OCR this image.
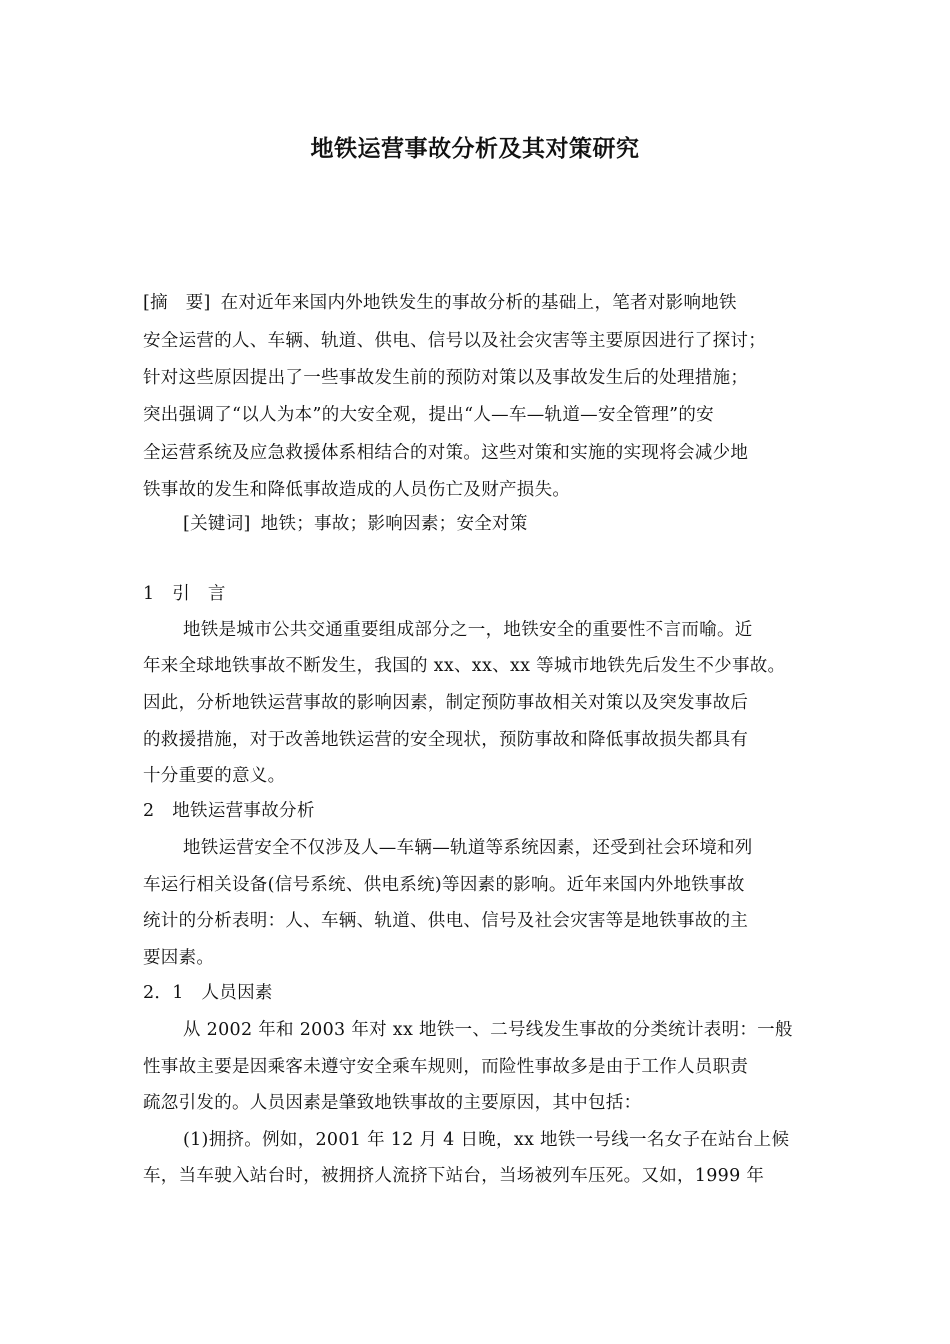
地铁运营事故分析及其对策研究
[摘　要] 在对近年来国内外地铁发生的事故分析的基础上，笔者对影响地铁
安全运营的人、车辆、轨道、供电、信号以及社会灾害等主要原因进行了探讨；
针对这些原因提出了一些事故发生前的预防对策以及事故发生后的处理措施；
突出强调了“以人为本”的大安全观，提出“人—车—轨道—安全管理”的安
全运营系统及应急救援体系相结合的对策。这些对策和实施的实现将会减少地
铁事故的发生和降低事故造成的人员伤亡及财产损失。
[关键词] 地铁；事故；影响因素；安全对策
1　引　言
地铁是城市公共交通重要组成部分之一，地铁安全的重要性不言而喻。近
年来全球地铁事故不断发生，我国的 xx、xx、xx 等城市地铁先后发生不少事故。
因此，分析地铁运营事故的影响因素，制定预防事故相关对策以及突发事故后
的救援措施，对于改善地铁运营的安全现状，预防事故和降低事故损失都具有
十分重要的意义。
2　地铁运营事故分析
地铁运营安全不仅涉及人—车辆—轨道等系统因素，还受到社会环境和列
车运行相关设备(信号系统、供电系统)等因素的影响。近年来国内外地铁事故
统计的分析表明：人、车辆、轨道、供电、信号及社会灾害等是地铁事故的主
要因素。
2．1　人员因素
从 2002 年和 2003 年对 xx 地铁一、二号线发生事故的分类统计表明：一般
性事故主要是因乘客未遵守安全乘车规则，而险性事故多是由于工作人员职责
疏忽引发的。人员因素是肇致地铁事故的主要原因，其中包括：
(1)拥挤。例如，2001 年 12 月 4 日晚，xx 地铁一号线一名女子在站台上候
车，当车驶入站台时，被拥挤人流挤下站台，当场被列车压死。又如，1999 年
